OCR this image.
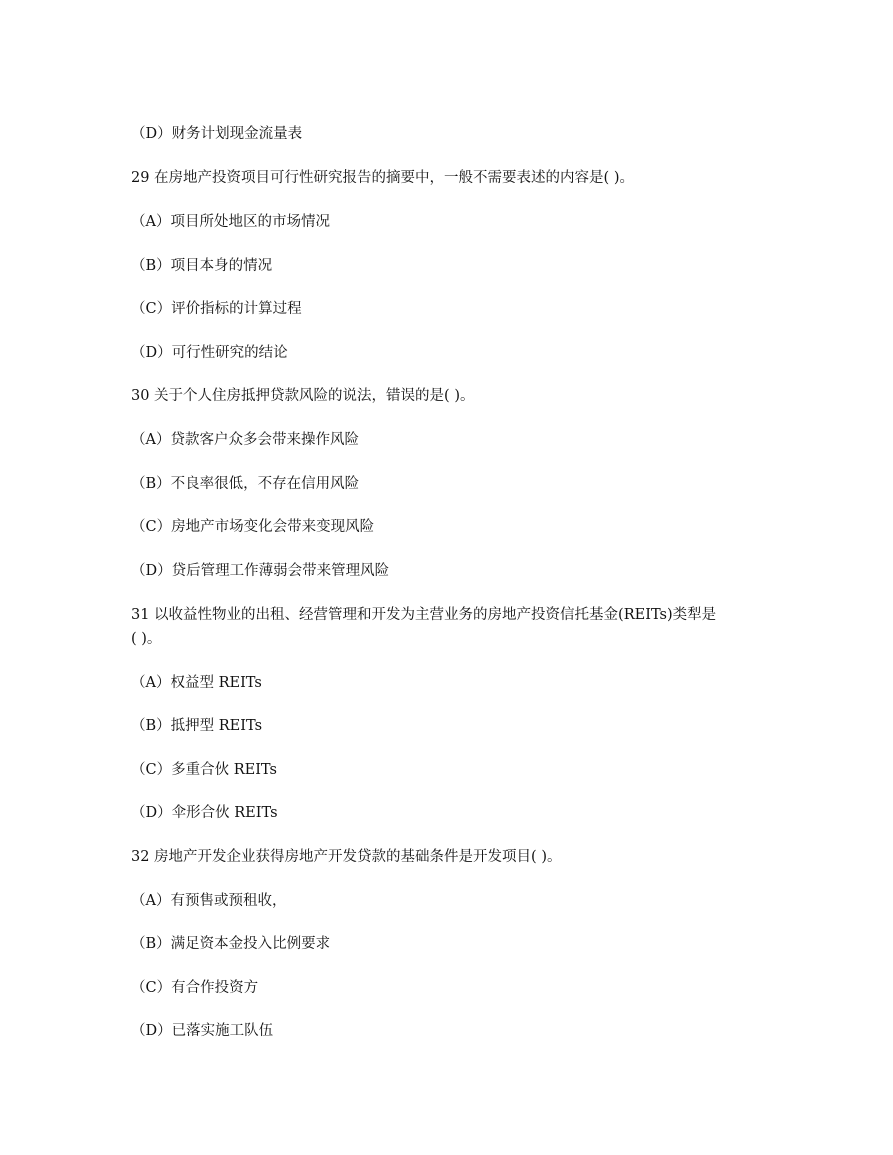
（D）财务计划现金流量表
29 在房地产投资项目可行性研究报告的摘要中，一般不需要表述的内容是( )。
（A）项目所处地区的市场情况
（B）项目本身的情况
（C）评价指标的计算过程
（D）可行性研究的结论
30 关于个人住房抵押贷款风险的说法，错误的是( )。
（A）贷款客户众多会带来操作风险
（B）不良率很低，不存在信用风险
（C）房地产市场变化会带来变现风险
（D）贷后管理工作薄弱会带来管理风险
31 以收益性物业的出租、经营管理和开发为主营业务的房地产投资信托基金(REITs)类犁是
( )。
（A）权益型 REITs
（B）抵押型 REITs
（C）多重合伙 REITs
（D）伞形合伙 REITs
32 房地产开发企业获得房地产开发贷款的基础条件是开发项目( )。
（A）有预售或预租收，
（B）满足资本金投入比例要求
（C）有合作投资方
（D）已落实施工队伍
